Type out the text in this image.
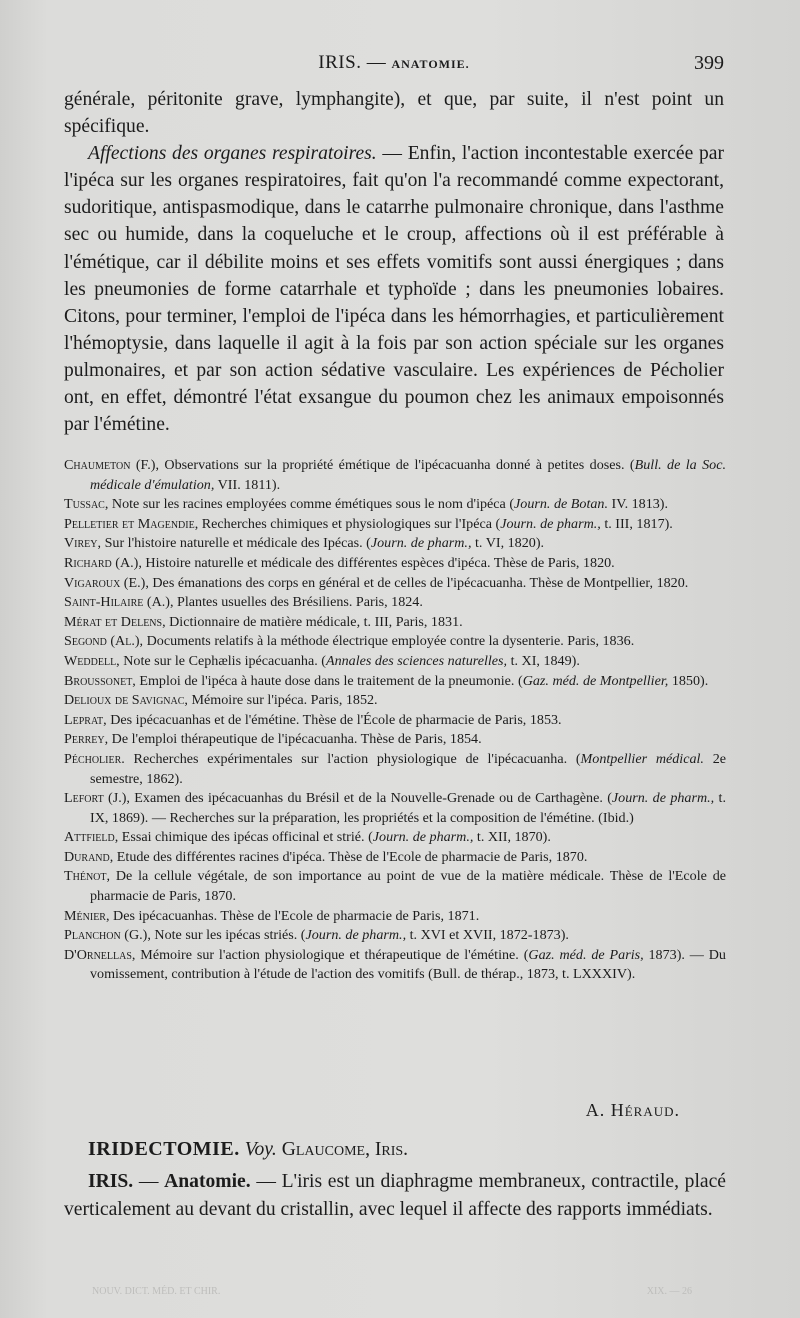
IRIS. — ANATOMIE.	399

générale, péritonite grave, lymphangite), et que, par suite, il n'est point un spécifique.

Affections des organes respiratoires. — Enfin, l'action incontestable exercée par l'ipéca sur les organes respiratoires, fait qu'on l'a recommandé comme expectorant, sudoritique, antispasmodique, dans le catarrhe pulmonaire chronique, dans l'asthme sec ou humide, dans la coqueluche et le croup, affections où il est préférable à l'émétique, car il débilite moins et ses effets vomitifs sont aussi énergiques ; dans les pneumonies de forme catarrhale et typhoïde ; dans les pneumonies lobaires. Citons, pour terminer, l'emploi de l'ipéca dans les hémorrhagies, et particulièrement l'hémoptysie, dans laquelle il agit à la fois par son action spéciale sur les organes pulmonaires, et par son action sédative vasculaire. Les expériences de Pécholier ont, en effet, démontré l'état exsangue du poumon chez les animaux empoisonnés par l'émétine.

Chaumeton (F.), Observations sur la propriété émétique de l'ipécacuanha donné à petites doses. (Bull. de la Soc. médicale d'émulation, VII. 1811).

Tussac, Note sur les racines employées comme émétiques sous le nom d'ipéca (Journ. de Botan. IV. 1813).

Pelletier et Magendie, Recherches chimiques et physiologiques sur l'Ipéca (Journ. de pharm., t. III, 1817).

Virey, Sur l'histoire naturelle et médicale des Ipécas. (Journ. de pharm., t. VI, 1820).

Richard (A.), Histoire naturelle et médicale des différentes espèces d'ipéca. Thèse de Paris, 1820.

Vigaroux (E.), Des émanations des corps en général et de celles de l'ipécacuanha. Thèse de Montpellier, 1820.

Saint-Hilaire (A.), Plantes usuelles des Brésiliens. Paris, 1824.

Mérat et Delens, Dictionnaire de matière médicale, t. III, Paris, 1831.

Segond (Al.), Documents relatifs à la méthode électrique employée contre la dysenterie. Paris, 1836.

Weddell, Note sur le Cephælis ipécacuanha. (Annales des sciences naturelles, t. XI, 1849).

Broussonet, Emploi de l'ipéca à haute dose dans le traitement de la pneumonie. (Gaz. méd. de Montpellier, 1850).

Delioux de Savignac, Mémoire sur l'ipéca. Paris, 1852.

Leprat, Des ipécacuanhas et de l'émétine. Thèse de l'École de pharmacie de Paris, 1853.

Perrey, De l'emploi thérapeutique de l'ipécacuanha. Thèse de Paris, 1854.

Pécholier. Recherches expérimentales sur l'action physiologique de l'ipécacuanha. (Montpellier médical. 2e semestre, 1862).

Lefort (J.), Examen des ipécacuanhas du Brésil et de la Nouvelle-Grenade ou de Carthagène. (Journ. de pharm., t. IX, 1869). — Recherches sur la préparation, les propriétés et la composition de l'émétine. (Ibid.)

Attfield, Essai chimique des ipécas officinal et strié. (Journ. de pharm., t. XII, 1870).

Durand, Etude des différentes racines d'ipéca. Thèse de l'Ecole de pharmacie de Paris, 1870.

Thénot, De la cellule végétale, de son importance au point de vue de la matière médicale. Thèse de l'Ecole de pharmacie de Paris, 1870.

Ménier, Des ipécacuanhas. Thèse de l'Ecole de pharmacie de Paris, 1871.

Planchon (G.), Note sur les ipécas striés. (Journ. de pharm., t. XVI et XVII, 1872-1873).

D'Ornellas, Mémoire sur l'action physiologique et thérapeutique de l'émétine. (Gaz. méd. de Paris, 1873). — Du vomissement, contribution à l'étude de l'action des vomitifs (Bull. de thérap., 1873, t. LXXXIV).

A. Héraud.
IRIDECTOMIE. Voy. Glaucome, Iris.

IRIS. — Anatomie. — L'iris est un diaphragme membraneux, contractile, placé verticalement au devant du cristallin, avec lequel il affecte des rapports immédiats.

NOUV. DICT. MÉD. ET CHIR.	XIX. — 26
